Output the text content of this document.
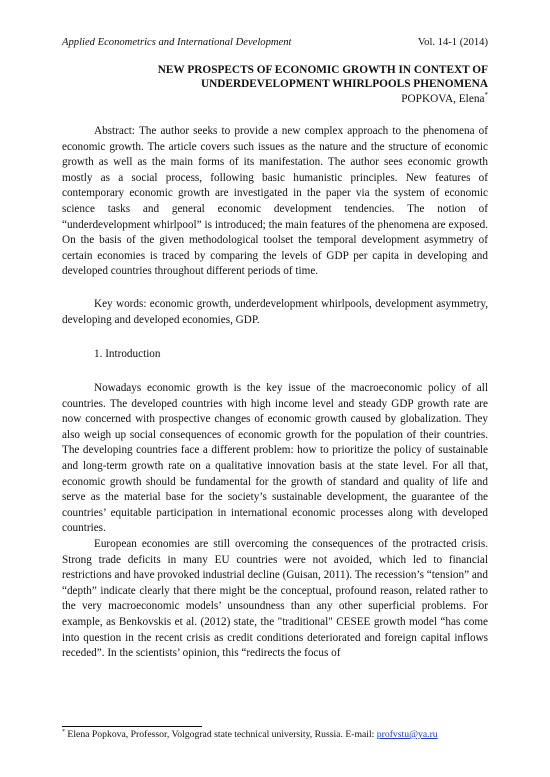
Applied Econometrics and International Development	Vol. 14-1 (2014)
NEW PROSPECTS OF ECONOMIC GROWTH IN CONTEXT OF
UNDERDEVELOPMENT WHIRLPOOLS PHENOMENA
POPKOVA, Elena*

Abstract: The author seeks to provide a new complex approach to the phenomena of economic growth. The article covers such issues as the nature and the structure of economic growth as well as the main forms of its manifestation. The author sees economic growth mostly as a social process, following basic humanistic principles. New features of contemporary economic growth are investigated in the paper via the system of economic science tasks and general economic development tendencies. The notion of “underdevelopment whirlpool” is introduced; the main features of the phenomena are exposed. On the basis of the given methodological toolset the temporal development asymmetry of certain economies is traced by comparing the levels of GDP per capita in developing and developed countries throughout different periods of time.

Key words: economic growth, underdevelopment whirlpools, development asymmetry, developing and developed economies, GDP.

1. Introduction

Nowadays economic growth is the key issue of the macroeconomic policy of all countries. The developed countries with high income level and steady GDP growth rate are now concerned with prospective changes of economic growth caused by globalization. They also weigh up social consequences of economic growth for the population of their countries. The developing countries face a different problem: how to prioritize the policy of sustainable and long-term growth rate on a qualitative innovation basis at the state level. For all that, economic growth should be fundamental for the growth of standard and quality of life and serve as the material base for the society’s sustainable development, the guarantee of the countries’ equitable participation in international economic processes along with developed countries.

European economies are still overcoming the consequences of the protracted crisis. Strong trade deficits in many EU countries were not avoided, which led to financial restrictions and have provoked industrial decline (Guisan, 2011). The recession’s “tension” and “depth” indicate clearly that there might be the conceptual, profound reason, related rather to the very macroeconomic models’ unsoundness than any other superficial problems. For example, as Benkovskis et al. (2012) state, the "traditional" CESEE growth model “has come into question in the recent crisis as credit conditions deteriorated and foreign capital inflows receded”. In the scientists’ opinion, this “redirects the focus of

* Elena Popkova, Professor, Volgograd state technical university, Russia. E-mail: profvstu@ya.ru
